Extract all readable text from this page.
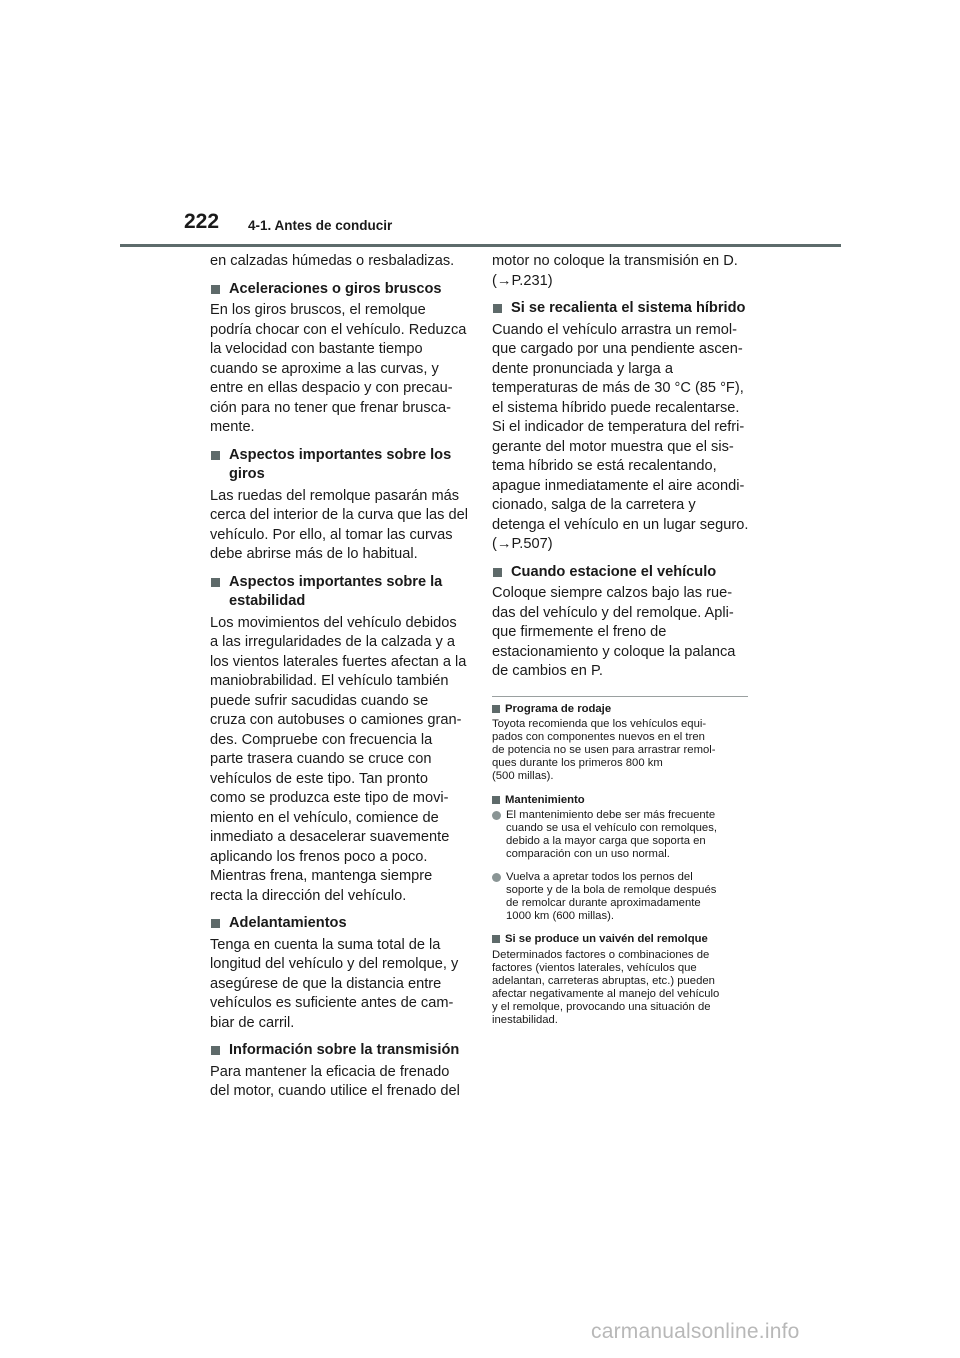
222 4-1. Antes de conducir

en calzadas húmedas o resbaladizas.

Aceleraciones o giros bruscos

En los giros bruscos, el remolque
podría chocar con el vehículo. Reduzca
la velocidad con bastante tiempo
cuando se aproxime a las curvas, y
entre en ellas despacio y con precau-
ción para no tener que frenar brusca-
mente.

Aspectos importantes sobre los
giros

Las ruedas del remolque pasarán más
cerca del interior de la curva que las del
vehículo. Por ello, al tomar las curvas
debe abrirse más de lo habitual.

Aspectos importantes sobre la
estabilidad

Los movimientos del vehículo debidos
a las irregularidades de la calzada y a
los vientos laterales fuertes afectan a la
maniobrabilidad. El vehículo también
puede sufrir sacudidas cuando se
cruza con autobuses o camiones gran-
des. Compruebe con frecuencia la
parte trasera cuando se cruce con
vehículos de este tipo. Tan pronto
como se produzca este tipo de movi-
miento en el vehículo, comience de
inmediato a desacelerar suavemente
aplicando los frenos poco a poco.
Mientras frena, mantenga siempre
recta la dirección del vehículo.

Adelantamientos

Tenga en cuenta la suma total de la
longitud del vehículo y del remolque, y
asegúrese de que la distancia entre
vehículos es suficiente antes de cam-
biar de carril.

Información sobre la transmisión

Para mantener la eficacia de frenado
del motor, cuando utilice el frenado del

motor no coloque la transmisión en D.
(→P.231)

Si se recalienta el sistema híbrido

Cuando el vehículo arrastra un remol-
que cargado por una pendiente ascen-
dente pronunciada y larga a
temperaturas de más de 30 °C (85 °F),
el sistema híbrido puede recalentarse.
Si el indicador de temperatura del refri-
gerante del motor muestra que el sis-
tema híbrido se está recalentando,
apague inmediatamente el aire acondi-
cionado, salga de la carretera y
detenga el vehículo en un lugar seguro.
(→P.507)

Cuando estacione el vehículo

Coloque siempre calzos bajo las rue-
das del vehículo y del remolque. Apli-
que firmemente el freno de
estacionamiento y coloque la palanca
de cambios en P.

Programa de rodaje

Toyota recomienda que los vehículos equi-
pados con componentes nuevos en el tren
de potencia no se usen para arrastrar remol-
ques durante los primeros 800 km
(500 millas).

Mantenimiento
El mantenimiento debe ser más frecuente
cuando se usa el vehículo con remolques,
debido a la mayor carga que soporta en
comparación con un uso normal.
Vuelva a apretar todos los pernos del
soporte y de la bola de remolque después
de remolcar durante aproximadamente
1000 km (600 millas).
Si se produce un vaivén del remolque

Determinados factores o combinaciones de
factores (vientos laterales, vehículos que
adelantan, carreteras abruptas, etc.) pueden
afectar negativamente al manejo del vehículo
y el remolque, provocando una situación de
inestabilidad.

carmanualsonline.info
